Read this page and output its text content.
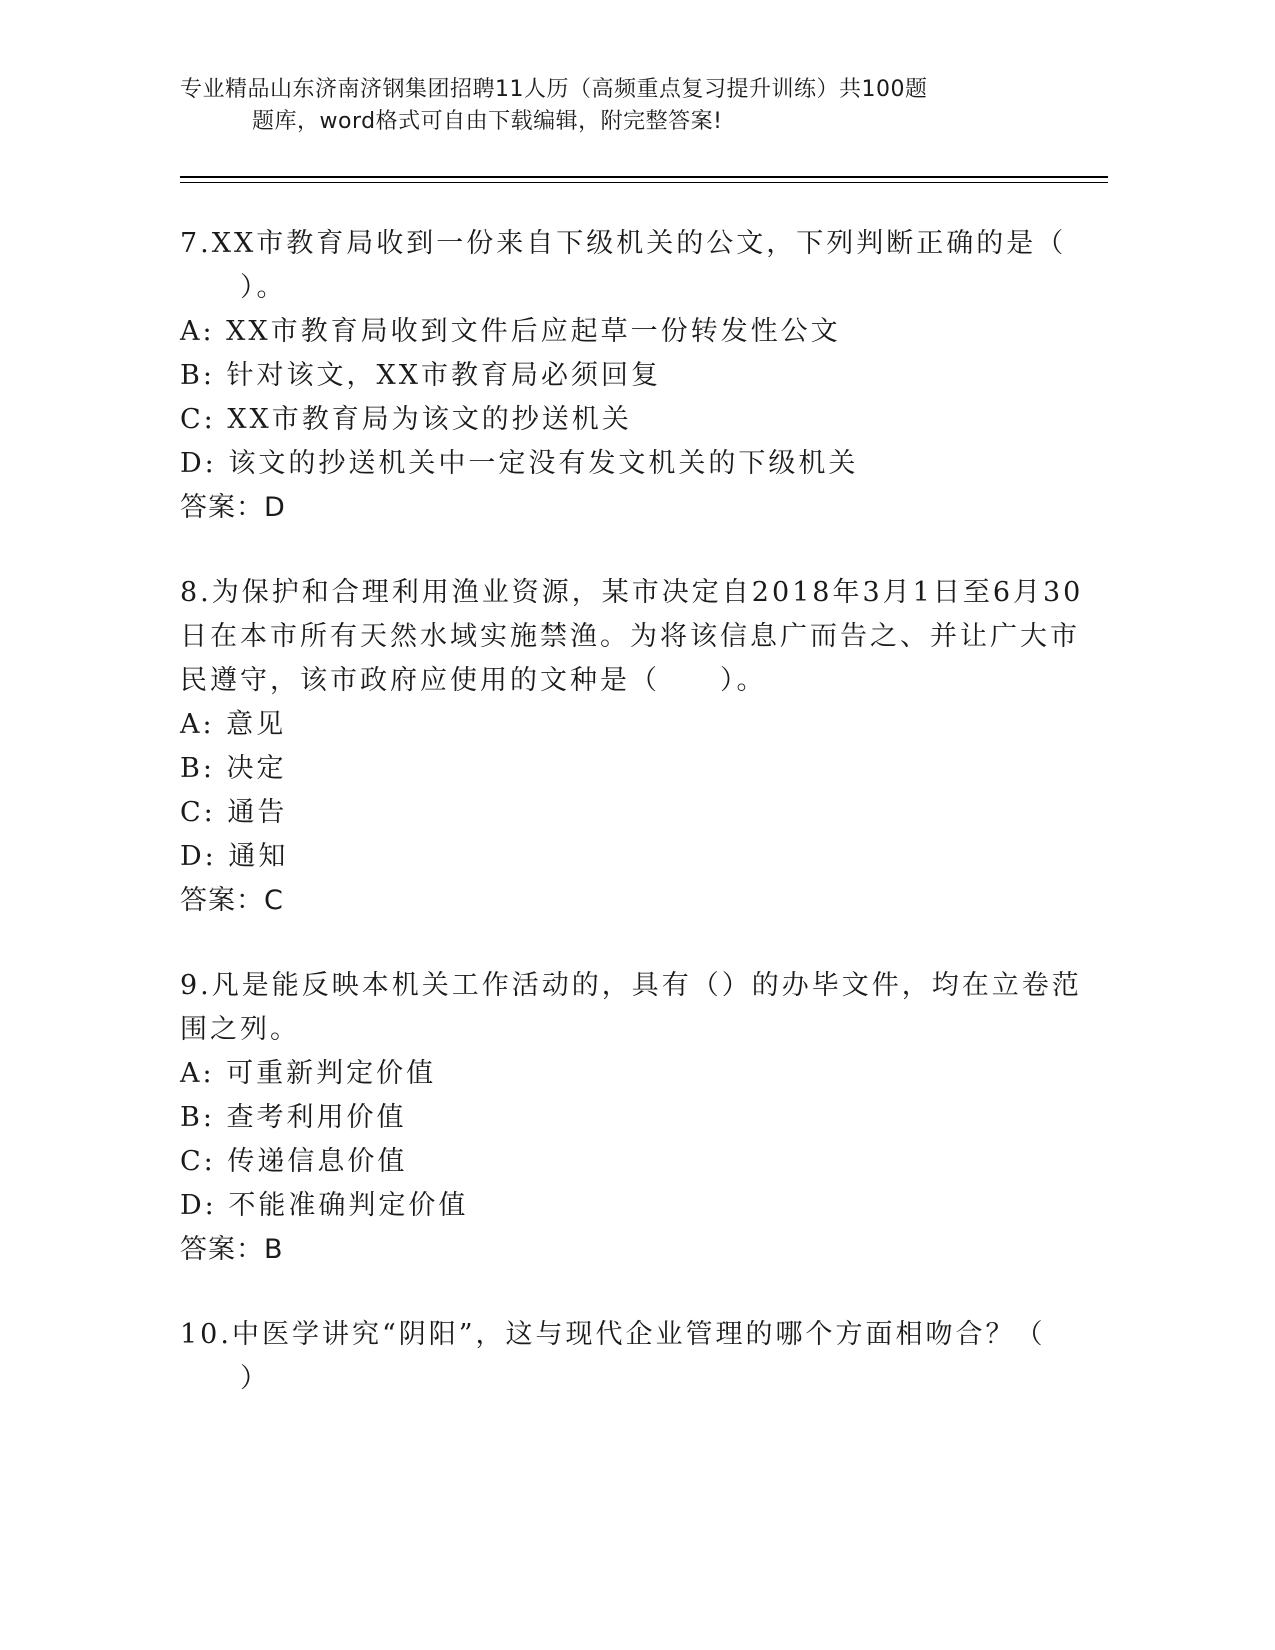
专业精品山东济南济钢集团招聘11人历（高频重点复习提升训练）共100题
题库，word格式可自由下载编辑，附完整答案!
7.XX市教育局收到一份来自下级机关的公文，下列判断正确的是（
　　）。
A: XX市教育局收到文件后应起草一份转发性公文
B: 针对该文，XX市教育局必须回复
C: XX市教育局为该文的抄送机关
D: 该文的抄送机关中一定没有发文机关的下级机关
答案：D
8.为保护和合理利用渔业资源，某市决定自2018年3月1日至6月30
日在本市所有天然水域实施禁渔。为将该信息广而告之、并让广大市
民遵守，该市政府应使用的文种是（　　）。
A: 意见
B: 决定
C: 通告
D: 通知
答案：C
9.凡是能反映本机关工作活动的，具有（）的办毕文件，均在立卷范
围之列。
A: 可重新判定价值
B: 查考利用价值
C: 传递信息价值
D: 不能准确判定价值
答案：B
10.中医学讲究“阴阳”，这与现代企业管理的哪个方面相吻合？（
　　）
